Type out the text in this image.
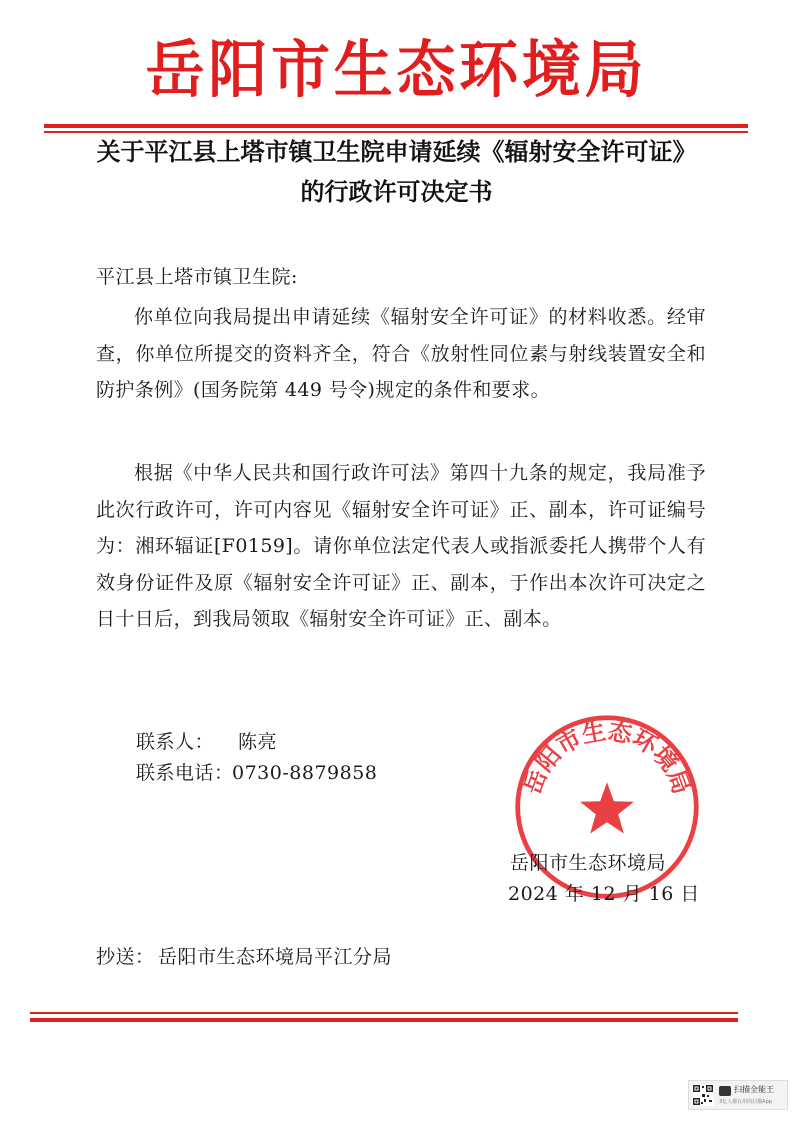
岳阳市生态环境局
关于平江县上塔市镇卫生院申请延续《辐射安全许可证》
的行政许可决定书
平江县上塔市镇卫生院:
你单位向我局提出申请延续《辐射安全许可证》的材料收悉。经审查，你单位所提交的资料齐全，符合《放射性同位素与射线装置安全和防护条例》(国务院第 449 号令)规定的条件和要求。
根据《中华人民共和国行政许可法》第四十九条的规定，我局准予此次行政许可，许可内容见《辐射安全许可证》正、副本，许可证编号为：湘环辐证[F0159]。请你单位法定代表人或指派委托人携带个人有效身份证件及原《辐射安全许可证》正、副本，于作出本次许可决定之日十日后，到我局领取《辐射安全许可证》正、副本。
联系人： 陈亮
联系电话：
0730-8879858	岳阳市生态环境局
岳阳市生态环境局
2024 年 12 月 16 日
抄送： 岳阳市生态环境局平江分局
扫描全能王
3亿人都在用的扫描App
